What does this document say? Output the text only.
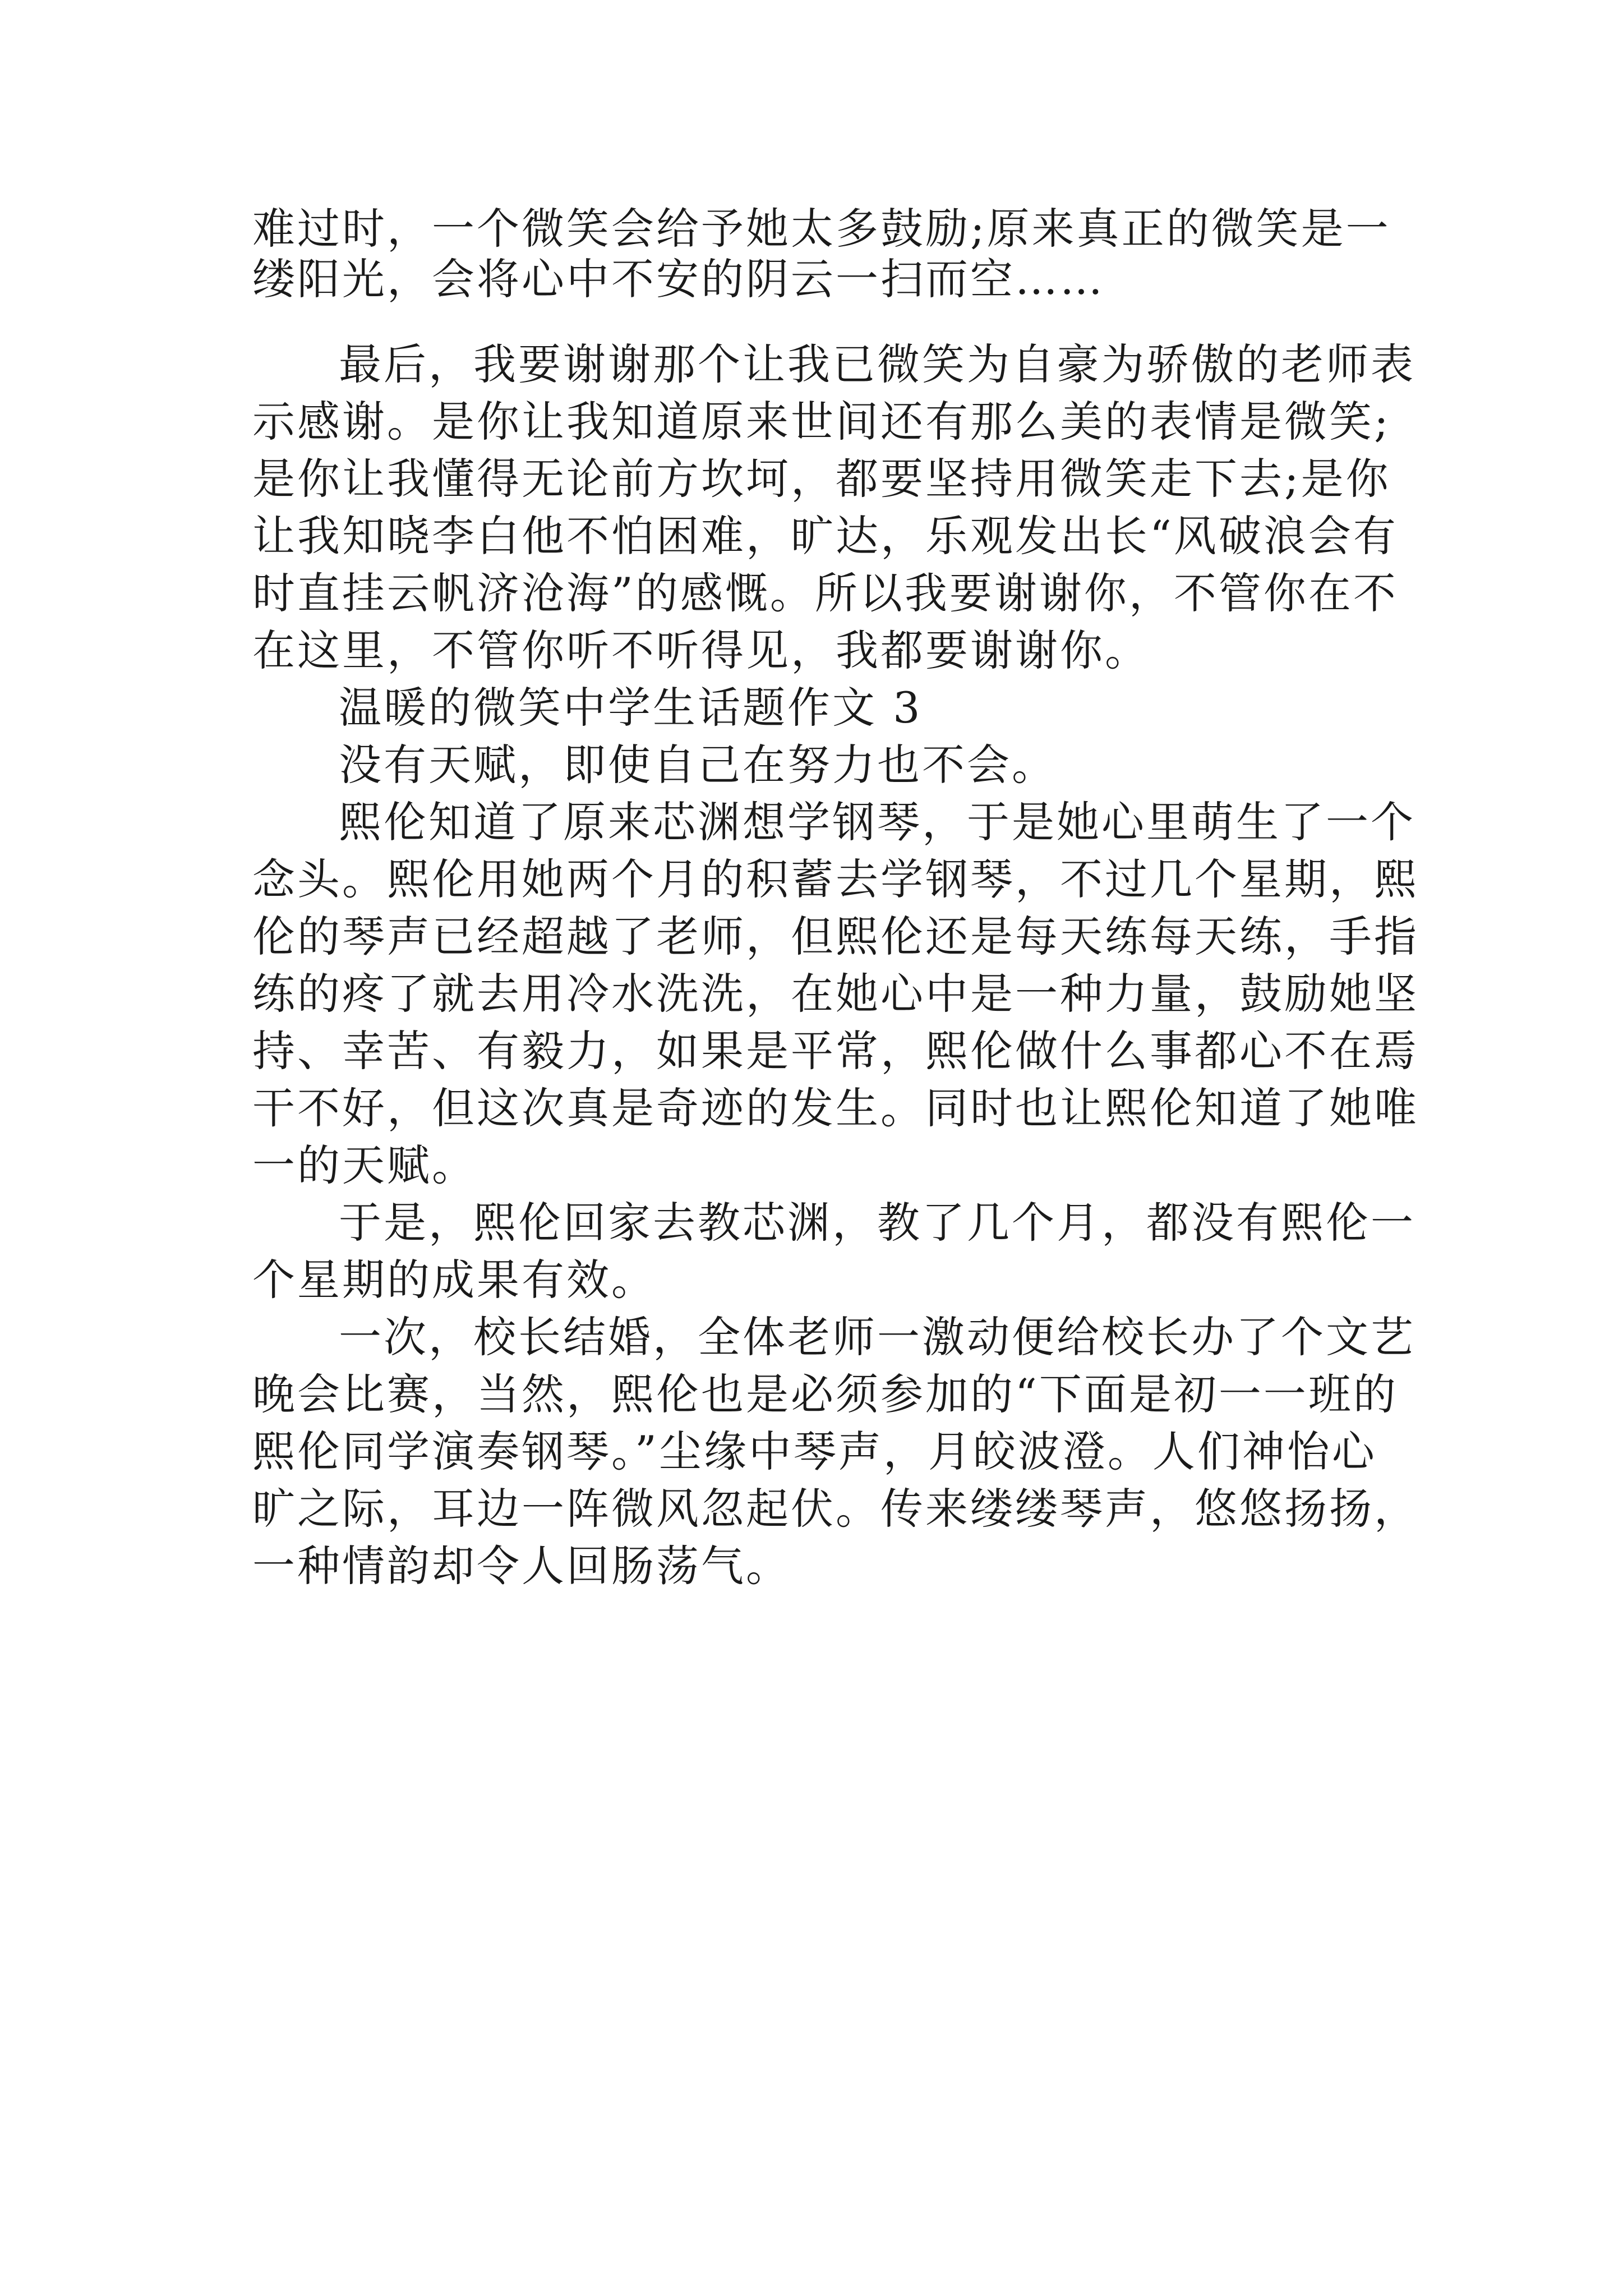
难过时，一个微笑会给予她太多鼓励;原来真正的微笑是一
缕阳光，会将心中不安的阴云一扫而空……
最后，我要谢谢那个让我已微笑为自豪为骄傲的老师表
示感谢。是你让我知道原来世间还有那么美的表情是微笑;
是你让我懂得无论前方坎坷，都要坚持用微笑走下去;是你
让我知晓李白他不怕困难，旷达，乐观发出长“风破浪会有
时直挂云帆济沧海”的感慨。所以我要谢谢你，不管你在不
在这里，不管你听不听得见，我都要谢谢你。
温暖的微笑中学生话题作文 3
没有天赋，即使自己在努力也不会。
熙伦知道了原来芯渊想学钢琴，于是她心里萌生了一个
念头。熙伦用她两个月的积蓄去学钢琴，不过几个星期，熙
伦的琴声已经超越了老师，但熙伦还是每天练每天练，手指
练的疼了就去用冷水洗洗，在她心中是一种力量，鼓励她坚
持、幸苦、有毅力，如果是平常，熙伦做什么事都心不在焉
干不好，但这次真是奇迹的发生。同时也让熙伦知道了她唯
一的天赋。
于是，熙伦回家去教芯渊，教了几个月，都没有熙伦一
个星期的成果有效。
一次，校长结婚，全体老师一激动便给校长办了个文艺
晚会比赛，当然，熙伦也是必须参加的“下面是初一一班的
熙伦同学演奏钢琴。”尘缘中琴声，月皎波澄。人们神怡心
旷之际，耳边一阵微风忽起伏。传来缕缕琴声，悠悠扬扬，
一种情韵却令人回肠荡气。
